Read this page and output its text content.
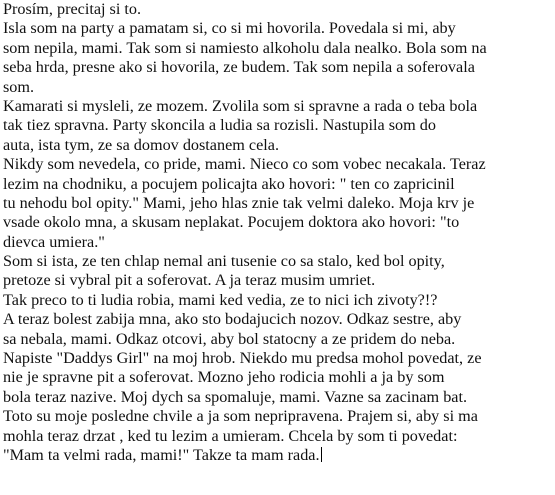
Prosím, precitaj si to.
Isla som na party a pamatam si, co si mi hovorila. Povedala si mi, aby
som nepila, mami. Tak som si namiesto alkoholu dala nealko. Bola som na
seba hrda, presne ako si hovorila, ze budem. Tak som nepila a soferovala
som.
Kamarati si mysleli, ze mozem. Zvolila som si spravne a rada o teba bola
tak tiez spravna. Party skoncila a ludia sa rozisli. Nastupila som do
auta, ista tym, ze sa domov dostanem cela.
Nikdy som nevedela, co pride, mami. Nieco co som vobec necakala. Teraz
lezim na chodniku, a pocujem policajta ako hovori: " ten co zapricinil
tu nehodu bol opity." Mami, jeho hlas znie tak velmi daleko. Moja krv je
vsade okolo mna, a skusam neplakat. Pocujem doktora ako hovori: "to
dievca umiera."
Som si ista, ze ten chlap nemal ani tusenie co sa stalo, ked bol opity,
pretoze si vybral pit a soferovat. A ja teraz musim umriet.
Tak preco to ti ludia robia, mami ked vedia, ze to nici ich zivoty?!?
A teraz bolest zabija mna, ako sto bodajucich nozov. Odkaz sestre, aby
sa nebala, mami. Odkaz otcovi, aby bol statocny a ze pridem do neba.
Napiste "Daddys Girl" na moj hrob. Niekdo mu predsa mohol povedat, ze
nie je spravne pit a soferovat. Mozno jeho rodicia mohli a ja by som
bola teraz nazive. Moj dych sa spomaluje, mami. Vazne sa zacinam bat.
Toto su moje posledne chvile a ja som nepripravena. Prajem si, aby si ma
mohla teraz drzat , ked tu lezim a umieram. Chcela by som ti povedat:
"Mam ta velmi rada, mami!" Takze ta mam rada.
